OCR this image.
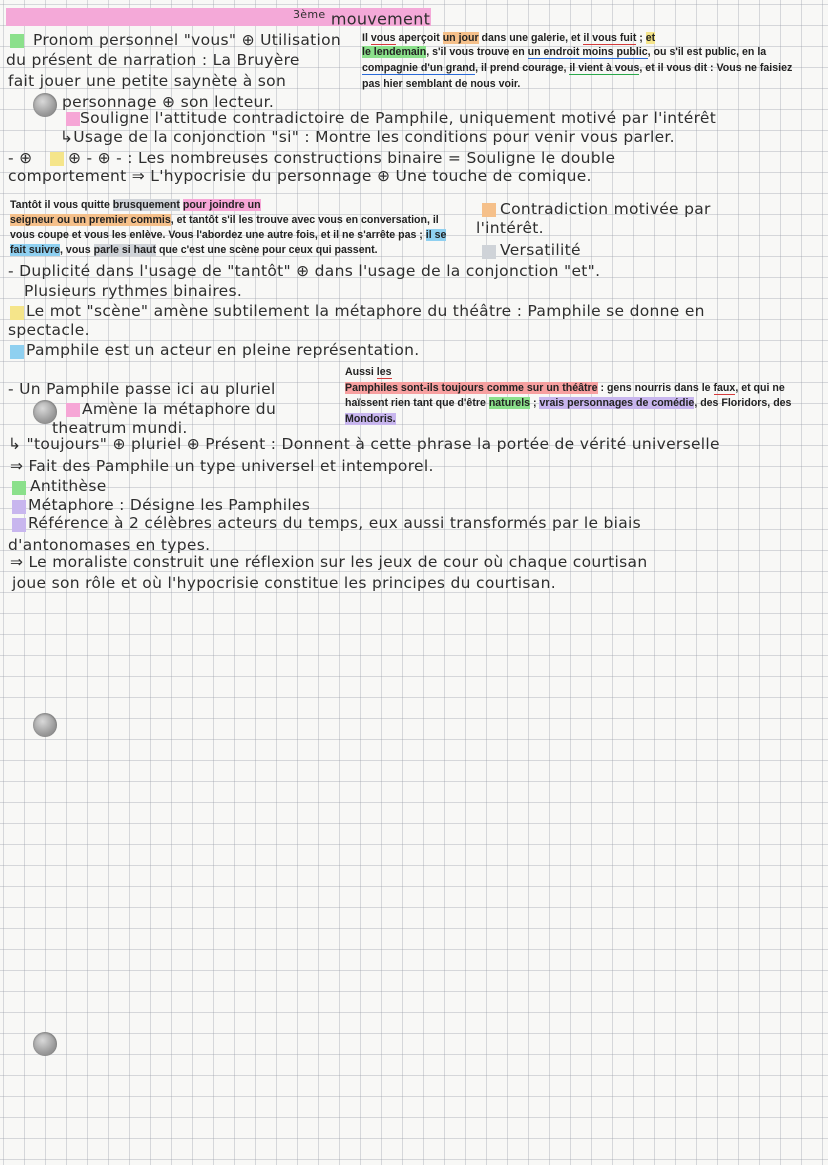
$^{3ème}$ mouvement
Pronom personnel "vous" ⊕ Utilisation
du présent de narration : La Bruyère
fait jouer une petite saynète à son
personnage ⊕ son lecteur.
Il vous aperçoit un jour dans une galerie, et il vous fuit ; et
le lendemain, s'il vous trouve en un endroit moins public, ou s'il est public, en la
compagnie d'un grand, il prend courage, il vient à vous, et il vous dit : Vous ne faisiez
pas hier semblant de nous voir.
Souligne l'attitude contradictoire de Pamphile, uniquement motivé par l'intérêt
↳Usage de la conjonction "si" : Montre les conditions pour venir vous parler.
- ⊕ ⊕ - ⊕ - : Les nombreuses constructions binaire = Souligne le double
comportement ⇒ L'hypocrisie du personnage ⊕ Une touche de comique.
Tantôt il vous quitte brusquement pour joindre un
seigneur ou un premier commis, et tantôt s'il les trouve avec vous en conversation, il
vous coupe et vous les enlève. Vous l'abordez une autre fois, et il ne s'arrête pas ; il se
fait suivre, vous parle si haut que c'est une scène pour ceux qui passent.
Contradiction motivée par
l'intérêt.
Versatilité
- Duplicité dans l'usage de "tantôt" ⊕ dans l'usage de la conjonction "et".
Plusieurs rythmes binaires.
Le mot "scène" amène subtilement la métaphore du théâtre : Pamphile se donne en
spectacle.
Pamphile est un acteur en pleine représentation.
Aussi les
Pamphiles sont-ils toujours comme sur un théâtre : gens nourris dans le faux, et qui ne
haïssent rien tant que d'être naturels ; vrais personnages de comédie, des Floridors, des
Mondoris.
- Un Pamphile passe ici au pluriel
Amène la métaphore du
theatrum mundi.
↳ "toujours" ⊕ pluriel ⊕ Présent : Donnent à cette phrase la portée de vérité universelle
⇒ Fait des Pamphile un type universel et intemporel.
Antithèse
Métaphore : Désigne les Pamphiles
Référence à 2 célèbres acteurs du temps, eux aussi transformés par le biais
d'antonomases en types.
⇒ Le moraliste construit une réflexion sur les jeux de cour où chaque courtisan
joue son rôle et où l'hypocrisie constitue les principes du courtisan.
